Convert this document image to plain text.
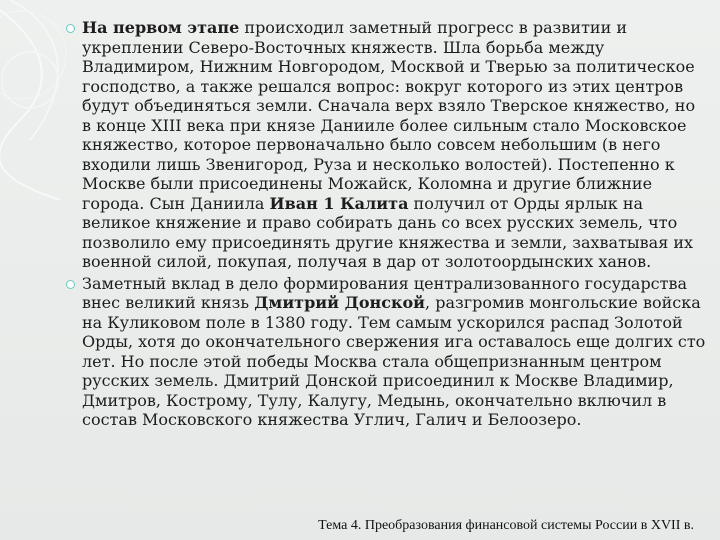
На первом этапе происходил заметный прогресс в развитии и укреплении Северо-Восточных княжеств. Шла борьба между Владимиром, Нижним Новгородом, Москвой и Тверью за политическое господство, а также решался вопрос: вокруг которого из этих центров будут объединяться земли. Сначала верх взяло Тверское княжество, но в конце XIII века при князе Данииле более сильным стало Московское княжество, которое первоначально было совсем небольшим (в него входили лишь Звенигород, Руза и несколько волостей). Постепенно к Москве были присоединены Можайск, Коломна и другие ближние города. Сын Даниила Иван 1 Калита получил от Орды ярлык на великое княжение и право собирать дань со всех русских земель, что позволило ему присоединять другие княжества и земли, захватывая их военной силой, покупая, получая в дар от золотоордынских ханов.

Заметный вклад в дело формирования централизованного государства внес великий князь Дмитрий Донской, разгромив монгольские войска на Куликовом поле в 1380 году. Тем самым ускорился распад Золотой Орды, хотя до окончательного свержения ига оставалось еще долгих сто лет. Но после этой победы Москва стала общепризнанным центром русских земель. Дмитрий Донской присоединил к Москве Владимир, Дмитров, Кострому, Тулу, Калугу, Медынь, окончательно включил в состав Московского княжества Углич, Галич и Белоозеро.

Тема 4. Преобразования финансовой системы России в XVII в.
